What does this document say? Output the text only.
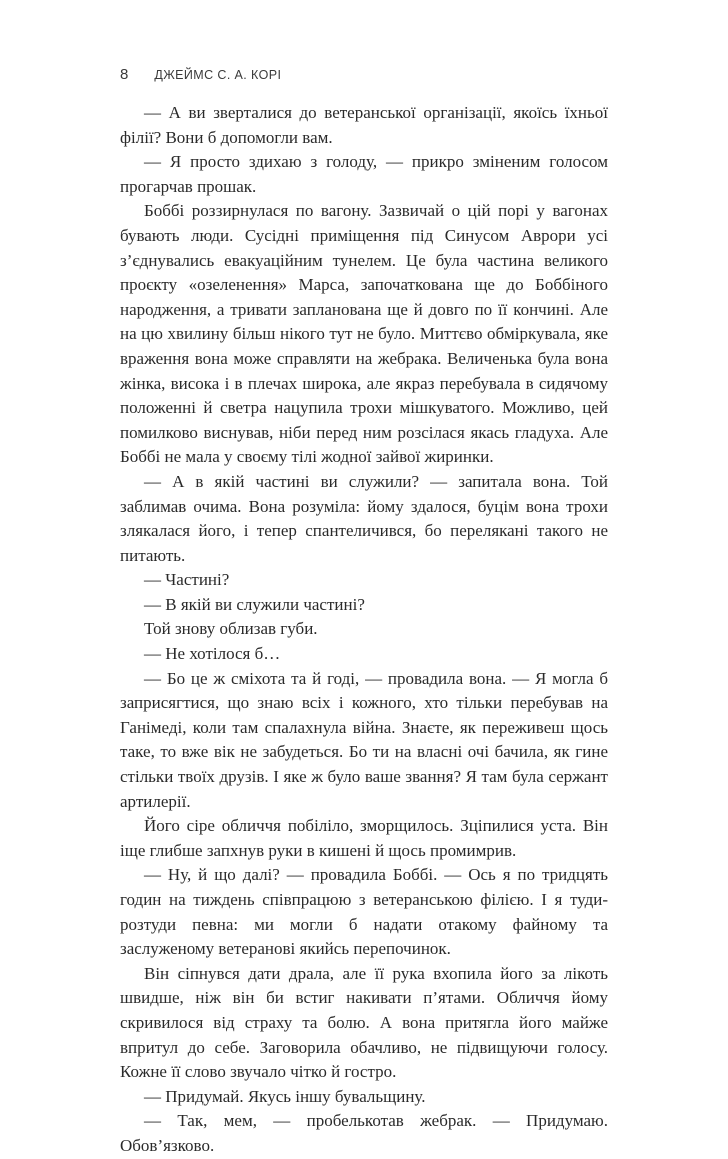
8 ДЖЕЙМС С. А. КОРІ

— А ви зверталися до ветеранської організації, якоїсь їхньої філії? Вони б допомогли вам.

— Я просто здихаю з голоду, — прикро зміненим голосом прогарчав прошак.

Боббі роззирнулася по вагону. Зазвичай о цій порі у вагонах бувають люди. Сусідні приміщення під Синусом Аврори усі з’єднувались евакуаційним тунелем. Це була частина великого проєкту «озеленення» Марса, започаткована ще до Боббіного народження, а тривати запланована ще й довго по її кончині. Але на цю хвилину більш нікого тут не було. Миттєво обміркувала, яке враження вона може справляти на жебрака. Величенька була вона жінка, висока і в плечах широка, але якраз перебувала в сидячому положенні й светра нацупила трохи мішкуватого. Можливо, цей помилково виснував, ніби перед ним розсілася якась гладуха. Але Боббі не мала у своєму тілі жодної зайвої жиринки.

— А в якій частині ви служили? — запитала вона. Той заблимав очима. Вона розуміла: йому здалося, буцім вона трохи злякалася його, і тепер спантеличився, бо перелякані такого не питають.

— Частині?

— В якій ви служили частині?

Той знову облизав губи.

— Не хотілося б…

— Бо це ж сміхота та й годі, — провадила вона. — Я могла б заприсягтися, що знаю всіх і кожного, хто тільки перебував на Ганімеді, коли там спалахнула війна. Знаєте, як переживеш щось таке, то вже вік не забудеться. Бо ти на власні очі бачила, як гине стільки твоїх друзів. І яке ж було ваше звання? Я там була сержант артилерії.

Його сіре обличчя побіліло, зморщилось. Зціпилися уста. Він іще глибше запхнув руки в кишені й щось промимрив.

— Ну, й що далі? — провадила Боббі. — Ось я по тридцять годин на тиждень співпрацюю з ветеранською філією. І я туди-розтуди певна: ми могли б надати отакому файному та заслуженому ветеранові якийсь перепочинок.

Він сіпнувся дати драла, але її рука вхопила його за лікоть швидше, ніж він би встиг накивати п’ятами. Обличчя йому скривилося від страху та болю. А вона притягла його майже впритул до себе. Заговорила обачливо, не підвищуючи голосу. Кожне її слово звучало чітко й гостро.

— Придумай. Якусь іншу бувальщину.

— Так, мем, — пробелькотав жебрак. — Придумаю. Обов’язково.
